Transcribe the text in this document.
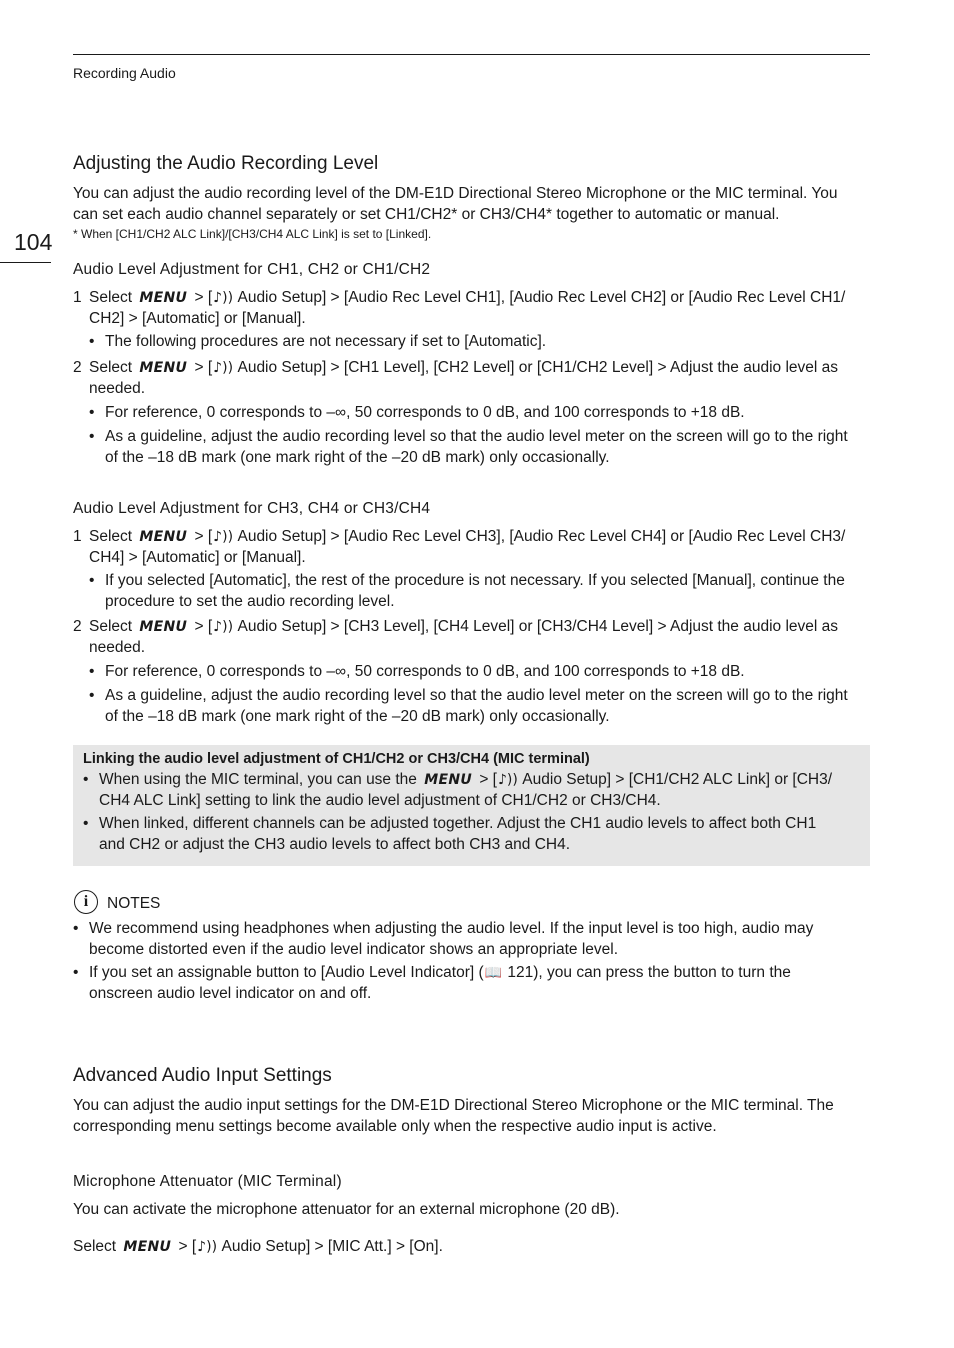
Recording Audio
104
Adjusting the Audio Recording Level
You can adjust the audio recording level of the DM-E1D Directional Stereo Microphone or the MIC terminal. You
can set each audio channel separately or set CH1/CH2* or CH3/CH4* together to automatic or manual.
* When [CH1/CH2 ALC Link]/[CH3/CH4 ALC Link] is set to [Linked].
Audio Level Adjustment for CH1, CH2 or CH1/CH2
1 Select MENU > [♪)) Audio Setup] > [Audio Rec Level CH1], [Audio Rec Level CH2] or [Audio Rec Level CH1/
CH2] > [Automatic] or [Manual].
• The following procedures are not necessary if set to [Automatic].
2 Select MENU > [♪)) Audio Setup] > [CH1 Level], [CH2 Level] or [CH1/CH2 Level] > Adjust the audio level as
needed.
• For reference, 0 corresponds to –∞, 50 corresponds to 0 dB, and 100 corresponds to +18 dB.
• As a guideline, adjust the audio recording level so that the audio level meter on the screen will go to the right
of the –18 dB mark (one mark right of the –20 dB mark) only occasionally.
Audio Level Adjustment for CH3, CH4 or CH3/CH4
1 Select MENU > [♪)) Audio Setup] > [Audio Rec Level CH3], [Audio Rec Level CH4] or [Audio Rec Level CH3/
CH4] > [Automatic] or [Manual].
• If you selected [Automatic], the rest of the procedure is not necessary. If you selected [Manual], continue the
procedure to set the audio recording level.
2 Select MENU > [♪)) Audio Setup] > [CH3 Level], [CH4 Level] or [CH3/CH4 Level] > Adjust the audio level as
needed.
• For reference, 0 corresponds to –∞, 50 corresponds to 0 dB, and 100 corresponds to +18 dB.
• As a guideline, adjust the audio recording level so that the audio level meter on the screen will go to the right
of the –18 dB mark (one mark right of the –20 dB mark) only occasionally.
Linking the audio level adjustment of CH1/CH2 or CH3/CH4 (MIC terminal)
• When using the MIC terminal, you can use the MENU > [♪)) Audio Setup] > [CH1/CH2 ALC Link] or [CH3/
CH4 ALC Link] setting to link the audio level adjustment of CH1/CH2 or CH3/CH4.
• When linked, different channels can be adjusted together. Adjust the CH1 audio levels to affect both CH1
and CH2 or adjust the CH3 audio levels to affect both CH3 and CH4.
i	NOTES
• We recommend using headphones when adjusting the audio level. If the input level is too high, audio may
become distorted even if the audio level indicator shows an appropriate level.
• If you set an assignable button to [Audio Level Indicator] (📖 121), you can press the button to turn the
onscreen audio level indicator on and off.
Advanced Audio Input Settings
You can adjust the audio input settings for the DM-E1D Directional Stereo Microphone or the MIC terminal. The
corresponding menu settings become available only when the respective audio input is active.
Microphone Attenuator (MIC Terminal)
You can activate the microphone attenuator for an external microphone (20 dB).
Select MENU > [♪)) Audio Setup] > [MIC Att.] > [On].
